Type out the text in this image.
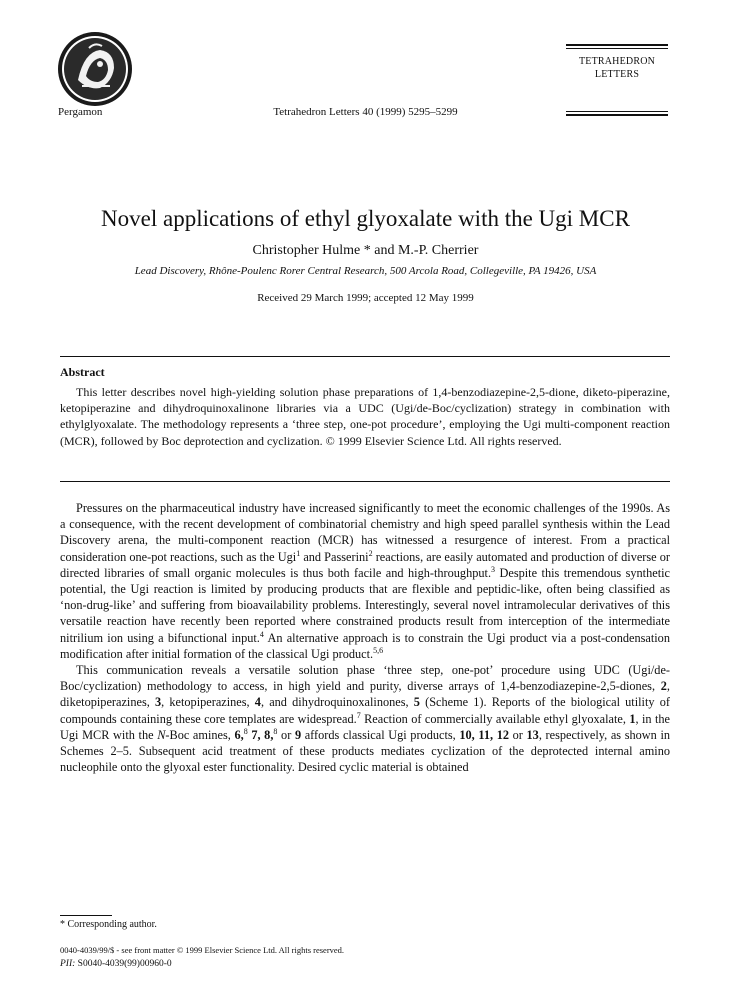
Pergamon	Tetrahedron Letters 40 (1999) 5295–5299
TETRAHEDRON
LETTERS
Novel applications of ethyl glyoxalate with the Ugi MCR
Christopher Hulme * and M.-P. Cherrier
Lead Discovery, Rhône-Poulenc Rorer Central Research, 500 Arcola Road, Collegeville, PA 19426, USA
Received 29 March 1999; accepted 12 May 1999
Abstract
This letter describes novel high-yielding solution phase preparations of 1,4-benzodiazepine-2,5-dione, diketo-piperazine, ketopiperazine and dihydroquinoxalinone libraries via a UDC (Ugi/de-Boc/cyclization) strategy in combination with ethylglyoxalate. The methodology represents a ‘three step, one-pot procedure’, employing the Ugi multi-component reaction (MCR), followed by Boc deprotection and cyclization. © 1999 Elsevier Science Ltd. All rights reserved.

Pressures on the pharmaceutical industry have increased significantly to meet the economic challenges of the 1990s. As a consequence, with the recent development of combinatorial chemistry and high speed parallel synthesis within the Lead Discovery arena, the multi-component reaction (MCR) has witnessed a resurgence of interest. From a practical consideration one-pot reactions, such as the Ugi$^1$ and Passerini$^2$ reactions, are easily automated and production of diverse or directed libraries of small organic molecules is thus both facile and high-throughput.$^3$ Despite this tremendous synthetic potential, the Ugi reaction is limited by producing products that are flexible and peptidic-like, often being classified as ‘non-drug-like’ and suffering from bioavailability problems. Interestingly, several novel intramolecular derivatives of this versatile reaction have recently been reported where constrained products result from interception of the intermediate nitrilium ion using a bifunctional input.$^4$ An alternative approach is to constrain the Ugi product via a post-condensation modification after initial formation of the classical Ugi product.$^{5,6}$

This communication reveals a versatile solution phase ‘three step, one-pot’ procedure using UDC (Ugi/de-Boc/cyclization) methodology to access, in high yield and purity, diverse arrays of 1,4-benzodiazepine-2,5-diones, 2, diketopiperazines, 3, ketopiperazines, 4, and dihydroquinoxalinones, 5 (Scheme 1). Reports of the biological utility of compounds containing these core templates are widespread.$^7$ Reaction of commercially available ethyl glyoxalate, 1, in the Ugi MCR with the N-Boc amines, 6,$^8$ 7, 8,$^8$ or 9 affords classical Ugi products, 10, 11, 12 or 13, respectively, as shown in Schemes 2–5. Subsequent acid treatment of these products mediates cyclization of the deprotected internal amino nucleophile onto the glyoxal ester functionality. Desired cyclic material is obtained

* Corresponding author.
0040-4039/99/$ - see front matter © 1999 Elsevier Science Ltd. All rights reserved.
PII: S0040-4039(99)00960-0
